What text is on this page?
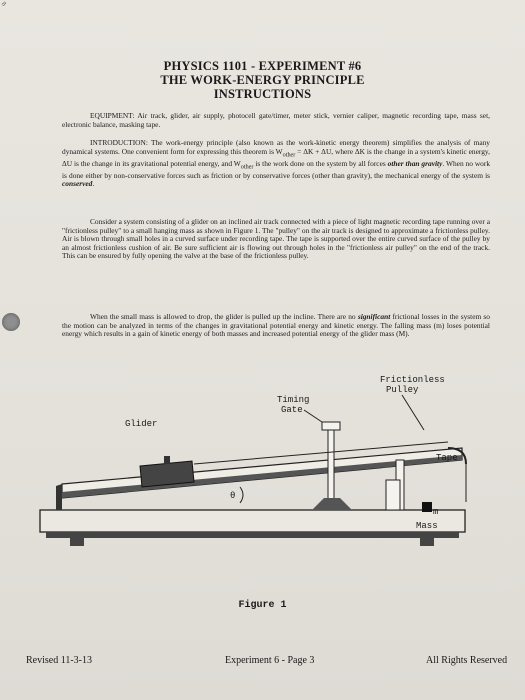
8
PHYSICS 1101 - EXPERIMENT #6
THE WORK-ENERGY PRINCIPLE
INSTRUCTIONS

EQUIPMENT: Air track, glider, air supply, photocell gate/timer, meter stick, vernier caliper, magnetic recording tape, mass set, electronic balance, masking tape.

INTRODUCTION: The work-energy principle (also known as the work-kinetic energy theorem) simplifies the analysis of many dynamical systems. One convenient form for expressing this theorem is $W_{other} = \Delta K + \Delta U$, where ΔK is the change in a system's kinetic energy, ΔU is the change in its gravitational potential energy, and $W_{other}$ is the work done on the system by all forces other than gravity. When no work is done either by non-conservative forces such as friction or by conservative forces (other than gravity), the mechanical energy of the system is conserved.

Consider a system consisting of a glider on an inclined air track connected with a piece of light magnetic recording tape running over a "frictionless pulley" to a small hanging mass as shown in Figure 1. The "pulley" on the air track is designed to approximate a frictionless pulley. Air is blown through small holes in a curved surface under recording tape. The tape is supported over the entire curved surface of the pulley by an almost frictionless cushion of air. Be sure sufficient air is flowing out through holes in the "frictionless air pulley" on the end of the track. This can be ensured by fully opening the valve at the base of the frictionless pulley.

When the small mass is allowed to drop, the glider is pulled up the incline. There are no significant frictional losses in the system so the motion can be analyzed in terms of the changes in gravitational potential energy and kinetic energy. The falling mass (m) loses potential energy which results in a gain of kinetic energy of both masses and increased potential energy of the glider mass (M).

Frictionless
Pulley
Timing
Gate
Glider
Tape
θ
m
Mass
Figure 1
Revised 11-3-13	Experiment 6 - Page 3	All Rights Reserved
